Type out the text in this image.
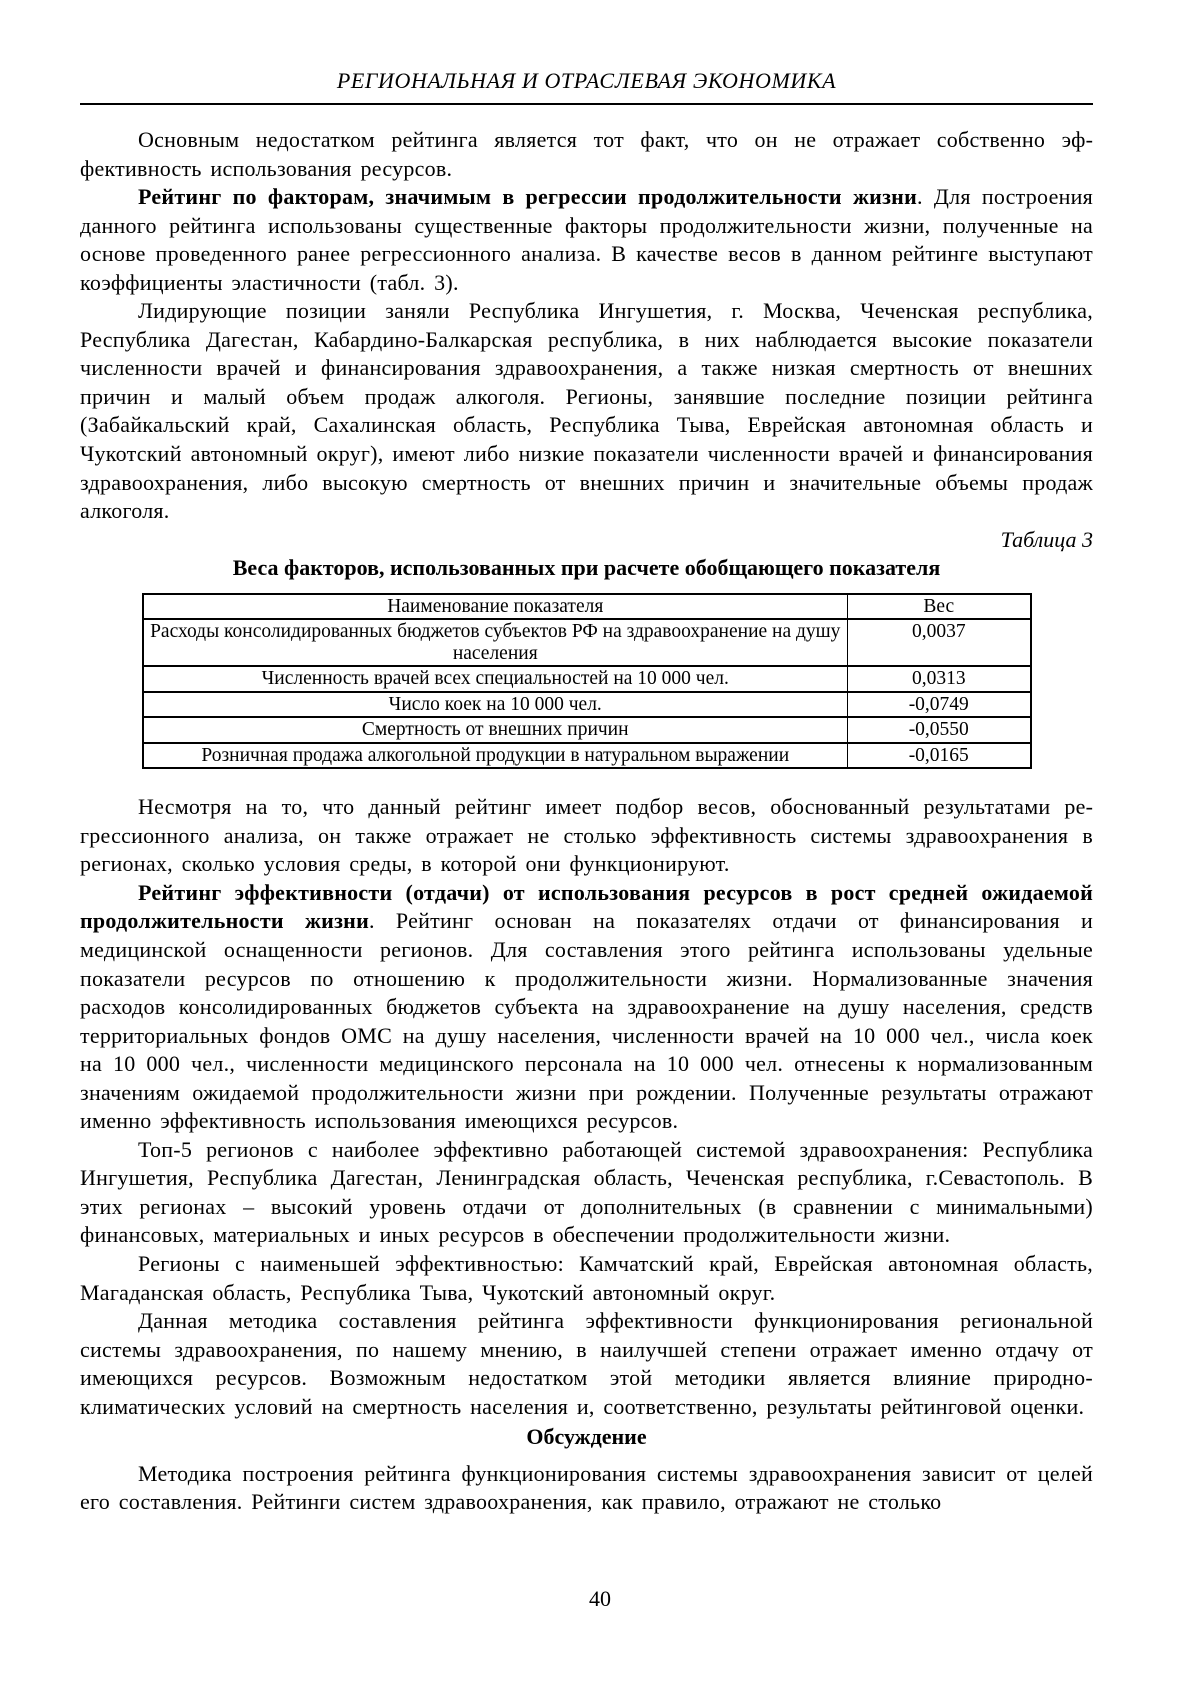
РЕГИОНАЛЬНАЯ И ОТРАСЛЕВАЯ ЭКОНОМИКА

Основным недостатком рейтинга является тот факт, что он не отражает собственно эффективность использования ресурсов.

Рейтинг по факторам, значимым в регрессии продолжительности жизни. Для построения данного рейтинга использованы существенные факторы продолжительности жизни, полученные на основе проведенного ранее регрессионного анализа. В качестве весов в данном рейтинге выступают коэффициенты эластичности (табл. 3).

Лидирующие позиции заняли Республика Ингушетия, г. Москва, Чеченская республика, Республика Дагестан, Кабардино-Балкарская республика, в них наблюдается высокие показатели численности врачей и финансирования здравоохранения, а также низкая смертность от внешних причин и малый объем продаж алкоголя. Регионы, занявшие последние позиции рейтинга (Забайкальский край, Сахалинская область, Республика Тыва, Еврейская автономная область и Чукотский автономный округ), имеют либо низкие показатели численности врачей и финансирования здравоохранения, либо высокую смертность от внешних причин и значительные объемы продаж алкоголя.

Таблица 3
Веса факторов, использованных при расчете обобщающего показателя
Наименование показателя	Вес
Расходы консолидированных бюджетов субъектов РФ на здравоохранение на душу населения	0,0037
Численность врачей всех специальностей на 10 000 чел.	0,0313
Число коек на 10 000 чел.	-0,0749
Смертность от внешних причин	-0,0550
Розничная продажа алкогольной продукции в натуральном выражении	-0,0165

Несмотря на то, что данный рейтинг имеет подбор весов, обоснованный результатами регрессионного анализа, он также отражает не столько эффективность системы здравоохранения в регионах, сколько условия среды, в которой они функционируют.

Рейтинг эффективности (отдачи) от использования ресурсов в рост средней ожидаемой продолжительности жизни. Рейтинг основан на показателях отдачи от финансирования и медицинской оснащенности регионов. Для составления этого рейтинга использованы удельные показатели ресурсов по отношению к продолжительности жизни. Нормализованные значения расходов консолидированных бюджетов субъекта на здравоохранение на душу населения, средств территориальных фондов ОМС на душу населения, численности врачей на 10 000 чел., числа коек на 10 000 чел., численности медицинского персонала на 10 000 чел. отнесены к нормализованным значениям ожидаемой продолжительности жизни при рождении. Полученные результаты отражают именно эффективность использования имеющихся ресурсов.

Топ-5 регионов с наиболее эффективно работающей системой здравоохранения: Республика Ингушетия, Республика Дагестан, Ленинградская область, Чеченская республика, г.Севастополь. В этих регионах – высокий уровень отдачи от дополнительных (в сравнении с минимальными) финансовых, материальных и иных ресурсов в обеспечении продолжительности жизни.

Регионы с наименьшей эффективностью: Камчатский край, Еврейская автономная область, Магаданская область, Республика Тыва, Чукотский автономный округ.

Данная методика составления рейтинга эффективности функционирования региональной системы здравоохранения, по нашему мнению, в наилучшей степени отражает именно отдачу от имеющихся ресурсов. Возможным недостатком этой методики является влияние природно-климатических условий на смертность населения и, соответственно, результаты рейтинговой оценки.

Обсуждение

Методика построения рейтинга функционирования системы здравоохранения зависит от целей его составления. Рейтинги систем здравоохранения, как правило, отражают не столько

40
